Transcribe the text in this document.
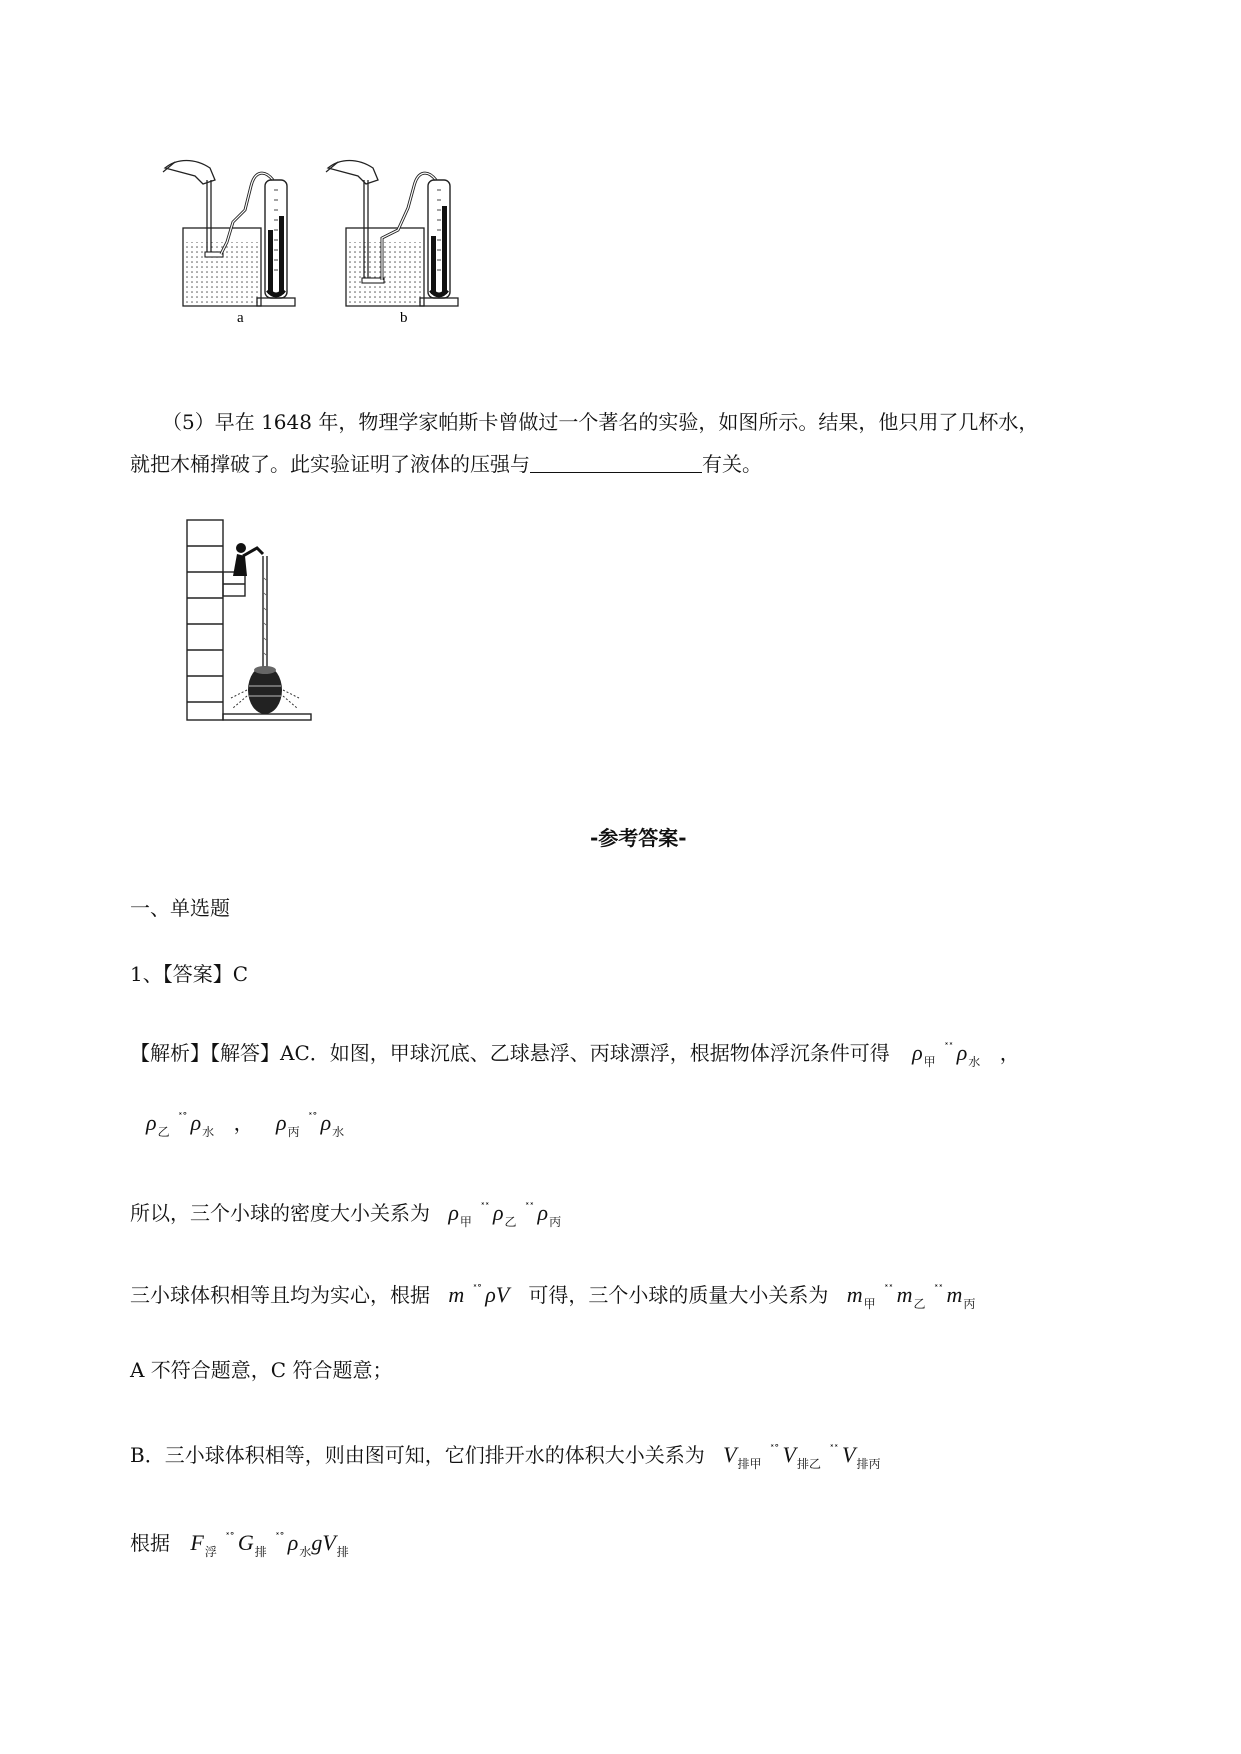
a	b
（5）早在 1648 年，物理学家帕斯卡曾做过一个著名的实验，如图所示。结果，他只用了几杯水，
就把木桶撑破了。此实验证明了液体的压强与	有关。
-参考答案-
一、单选题
1、【答案】C
【解析】【解答】AC．如图，甲球沉底、乙球悬浮、丙球漂浮，根据物体浮沉条件可得 $\rho_甲^{˟˟}$ $\rho_水$ ，
$\rho_乙^{˟˚}$ $\rho_水$ ， $\rho_丙^{˟˚}$ $\rho_水$
所以，三个小球的密度大小关系为 $\rho_甲^{˟˟}$ $\rho_乙^{˟˟}$ $\rho_丙$
三小球体积相等且均为实心，根据 m ˟˚ ρV 可得，三个小球的质量大小关系为 $m_甲^{˟˟}$ $m_乙^{˟˟}$ $m_丙$
A 不符合题意，C 符合题意；
B．三小球体积相等，则由图可知，它们排开水的体积大小关系为 $V_{排甲}^{˟˚}$ $V_{排乙}^{˟˟}$ $V_{排丙}$
根据 $F_浮^{˟˚}$ $G_排^{˟˚}$ $\rho_水gV_排$
